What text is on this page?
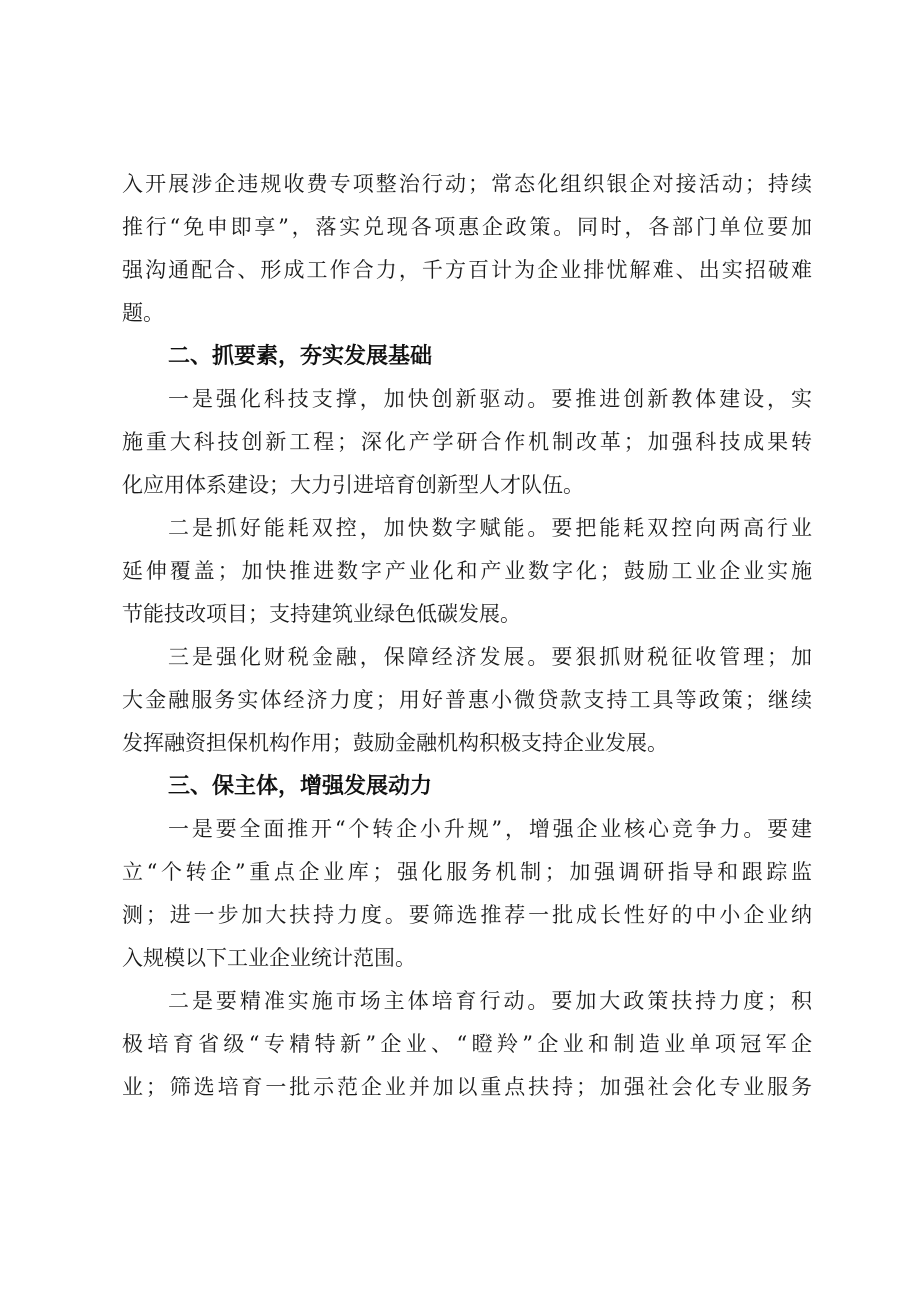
入开展涉企违规收费专项整治行动；常态化组织银企对接活动；持续
推行“免申即享”，落实兑现各项惠企政策。同时，各部门单位要加
强沟通配合、形成工作合力，千方百计为企业排忧解难、出实招破难
题。
二、抓要素，夯实发展基础
一是强化科技支撑，加快创新驱动。要推进创新教体建设，实
施重大科技创新工程；深化产学研合作机制改革；加强科技成果转
化应用体系建设；大力引进培育创新型人才队伍。
二是抓好能耗双控，加快数字赋能。要把能耗双控向两高行业
延伸覆盖；加快推进数字产业化和产业数字化；鼓励工业企业实施
节能技改项目；支持建筑业绿色低碳发展。
三是强化财税金融，保障经济发展。要狠抓财税征收管理；加
大金融服务实体经济力度；用好普惠小微贷款支持工具等政策；继续
发挥融资担保机构作用；鼓励金融机构积极支持企业发展。
三、保主体，增强发展动力
一是要全面推开“个转企小升规”，增强企业核心竞争力。要建
立“个转企”重点企业库；强化服务机制；加强调研指导和跟踪监
测；进一步加大扶持力度。要筛选推荐一批成长性好的中小企业纳
入规模以下工业企业统计范围。
二是要精准实施市场主体培育行动。要加大政策扶持力度；积
极培育省级“专精特新”企业、“瞪羚”企业和制造业单项冠军企
业；筛选培育一批示范企业并加以重点扶持；加强社会化专业服务
